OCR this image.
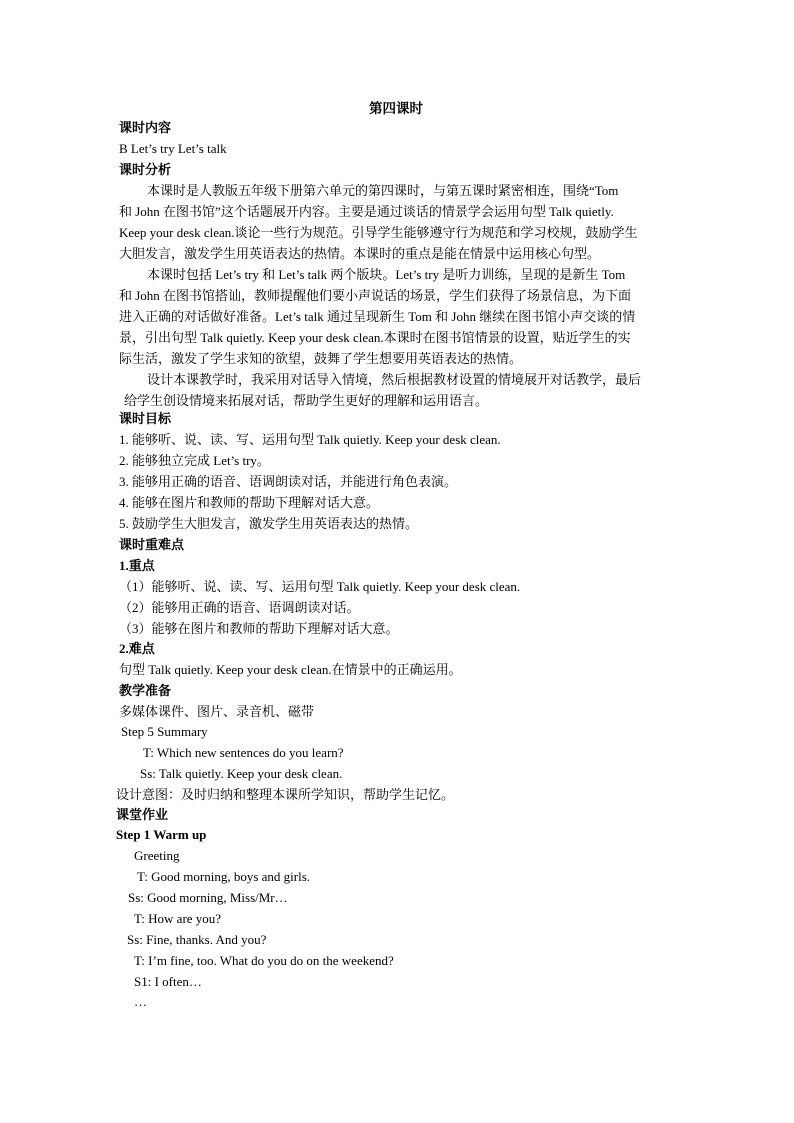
第四课时
课时内容
B Let’s try Let’s talk
课时分析
本课时是人教版五年级下册第六单元的第四课时，与第五课时紧密相连，围绕“Tom
和 John 在图书馆”这个话题展开内容。主要是通过谈话的情景学会运用句型 Talk quietly.
Keep your desk clean.谈论一些行为规范。引导学生能够遵守行为规范和学习校规，鼓励学生
大胆发言，激发学生用英语表达的热情。本课时的重点是能在情景中运用核心句型。
本课时包括 Let’s try 和 Let’s talk 两个版块。Let’s try 是听力训练，呈现的是新生 Tom
和 John 在图书馆搭讪，教师提醒他们要小声说话的场景，学生们获得了场景信息，为下面
进入正确的对话做好准备。Let’s talk 通过呈现新生 Tom 和 John 继续在图书馆小声交谈的情
景，引出句型 Talk quietly. Keep your desk clean.本课时在图书馆情景的设置，贴近学生的实
际生活，激发了学生求知的欲望，鼓舞了学生想要用英语表达的热情。
设计本课教学时，我采用对话导入情境，然后根据教材设置的情境展开对话教学，最后
给学生创设情境来拓展对话，帮助学生更好的理解和运用语言。
课时目标
1. 能够听、说、读、写、运用句型 Talk quietly. Keep your desk clean.
2. 能够独立完成 Let’s try。
3. 能够用正确的语音、语调朗读对话，并能进行角色表演。
4. 能够在图片和教师的帮助下理解对话大意。
5. 鼓励学生大胆发言，激发学生用英语表达的热情。
课时重难点
1.重点
（1）能够听、说、读、写、运用句型 Talk quietly. Keep your desk clean.
（2）能够用正确的语音、语调朗读对话。
（3）能够在图片和教师的帮助下理解对话大意。
2.难点
句型 Talk quietly. Keep your desk clean.在情景中的正确运用。
教学准备
多媒体课件、图片、录音机、磁带
Step 5 Summary
T: Which new sentences do you learn?
Ss: Talk quietly. Keep your desk clean.
设计意图：及时归纳和整理本课所学知识，帮助学生记忆。
课堂作业
Step 1 Warm up
Greeting
T: Good morning, boys and girls.
Ss: Good morning, Miss/Mr…
T: How are you?
Ss: Fine, thanks. And you?
T: I’m fine, too. What do you do on the weekend?
S1: I often…
…
